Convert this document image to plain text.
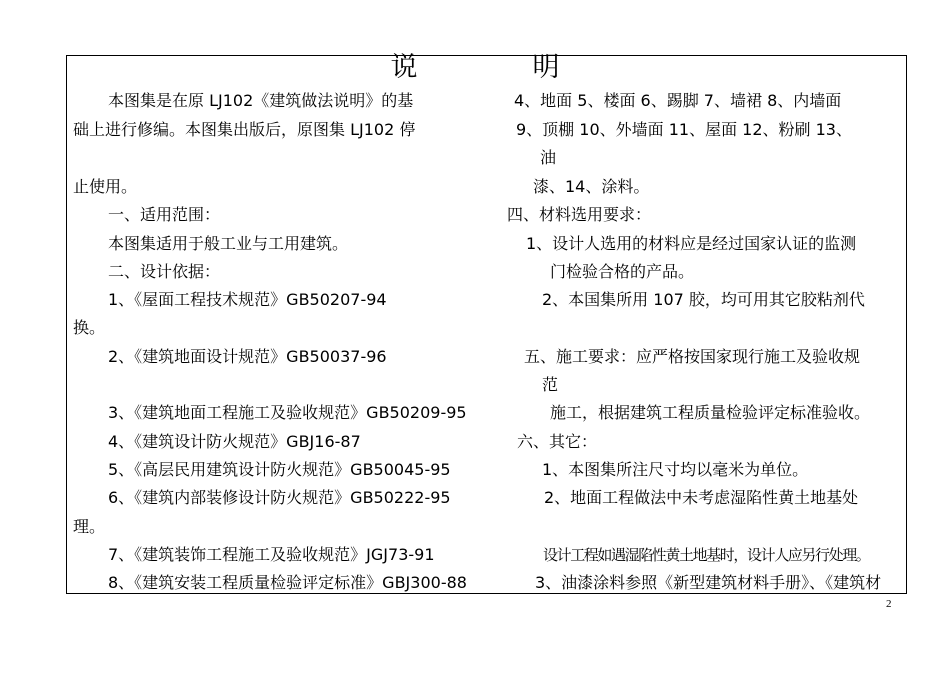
说　明
本图集是在原 LJ102《建筑做法说明》的基
础上进行修编。本图集出版后，原图集 LJ102 停
止使用。
一、适用范围：
本图集适用于般工业与工用建筑。
二、设计依据：
1、《屋面工程技术规范》GB50207-94
换。
2、《建筑地面设计规范》GB50037-96
3、《建筑地面工程施工及验收规范》GB50209-95
4、《建筑设计防火规范》GBJ16-87
5、《高层民用建筑设计防火规范》GB50045-95
6、《建筑内部装修设计防火规范》GB50222-95
理。
7、《建筑装饰工程施工及验收规范》JGJ73-91
8、《建筑安装工程质量检验评定标准》GBJ300-88
4、地面 5、楼面 6、踢脚 7、墙裙 8、内墙面
9、顶棚 10、外墙面 11、屋面 12、粉刷 13、
油
漆、14、涂料。
四、材料选用要求：
1、设计人选用的材料应是经过国家认证的监测
门检验合格的产品。
2、本国集所用 107 胶，均可用其它胶粘剂代
五、施工要求：应严格按国家现行施工及验收规
范
施工，根据建筑工程质量检验评定标准验收。
六、其它：
1、本图集所注尺寸均以毫米为单位。
2、地面工程做法中未考虑湿陷性黄土地基处
设计工程如遇湿陷性黄土地基时，设计人应另行处理。
3、油漆涂料参照《新型建筑材料手册》、《建筑材
2
